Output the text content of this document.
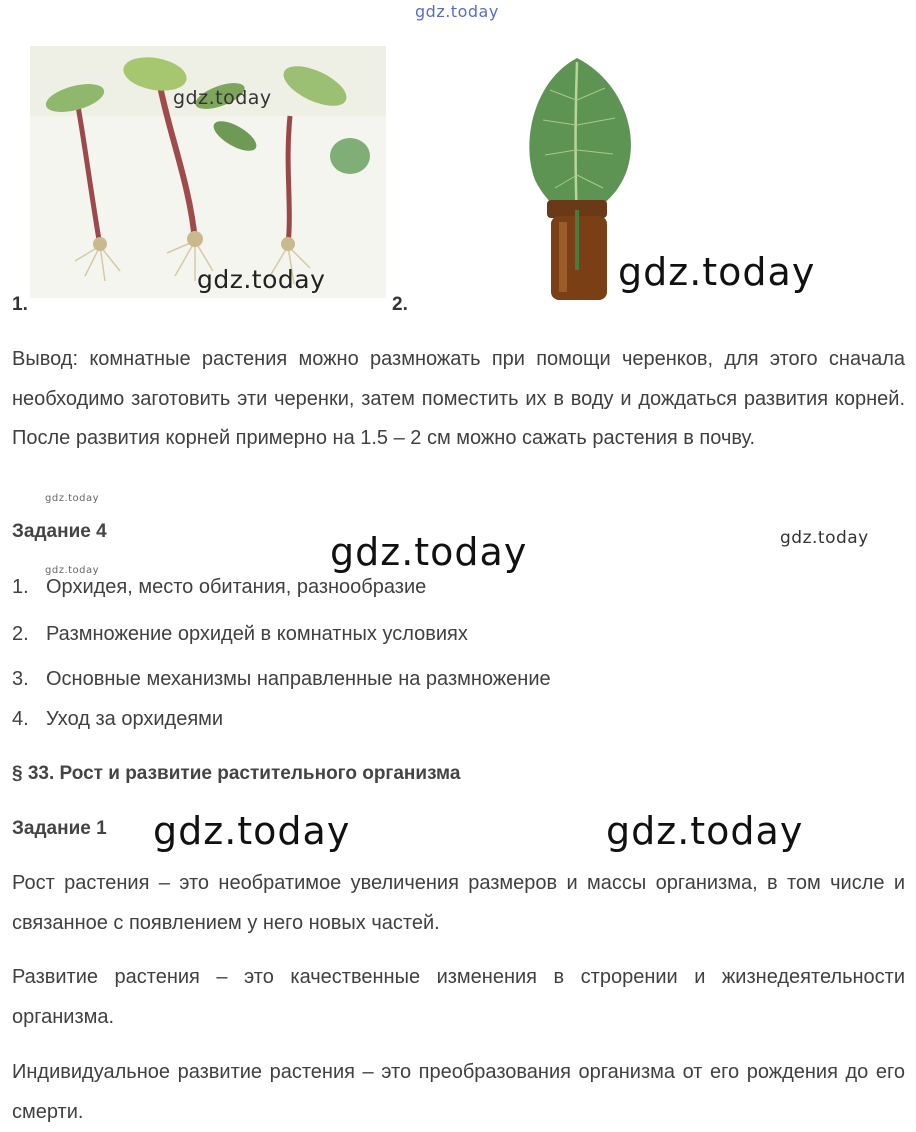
gdz.today
gdz.today
gdz.today
1.	2.
gdz.today

Вывод: комнатные растения можно размножать при помощи черенков, для этого сначала необходимо заготовить эти черенки, затем поместить их в воду и дождаться развития корней. После развития корней примерно на 1.5 – 2 см можно сажать растения в почву.

gdz.today
Задание 4	gdz.today	gdz.today
gdz.today
1. Орхидея, место обитания, разнообразие
2. Размножение орхидей в комнатных условиях
3. Основные механизмы направленные на размножение
4. Уход за орхидеями
§ 33. Рост и развитие растительного организма
Задание 1 gdz.today	gdz.today

Рост растения – это необратимое увеличения размеров и массы организма, в том числе и связанное с появлением у него новых частей.

Развитие растения – это качественные изменения в строрении и жизнедеятельности организма.

Индивидуальное развитие растения – это преобразования организма от его рождения до его смерти.
